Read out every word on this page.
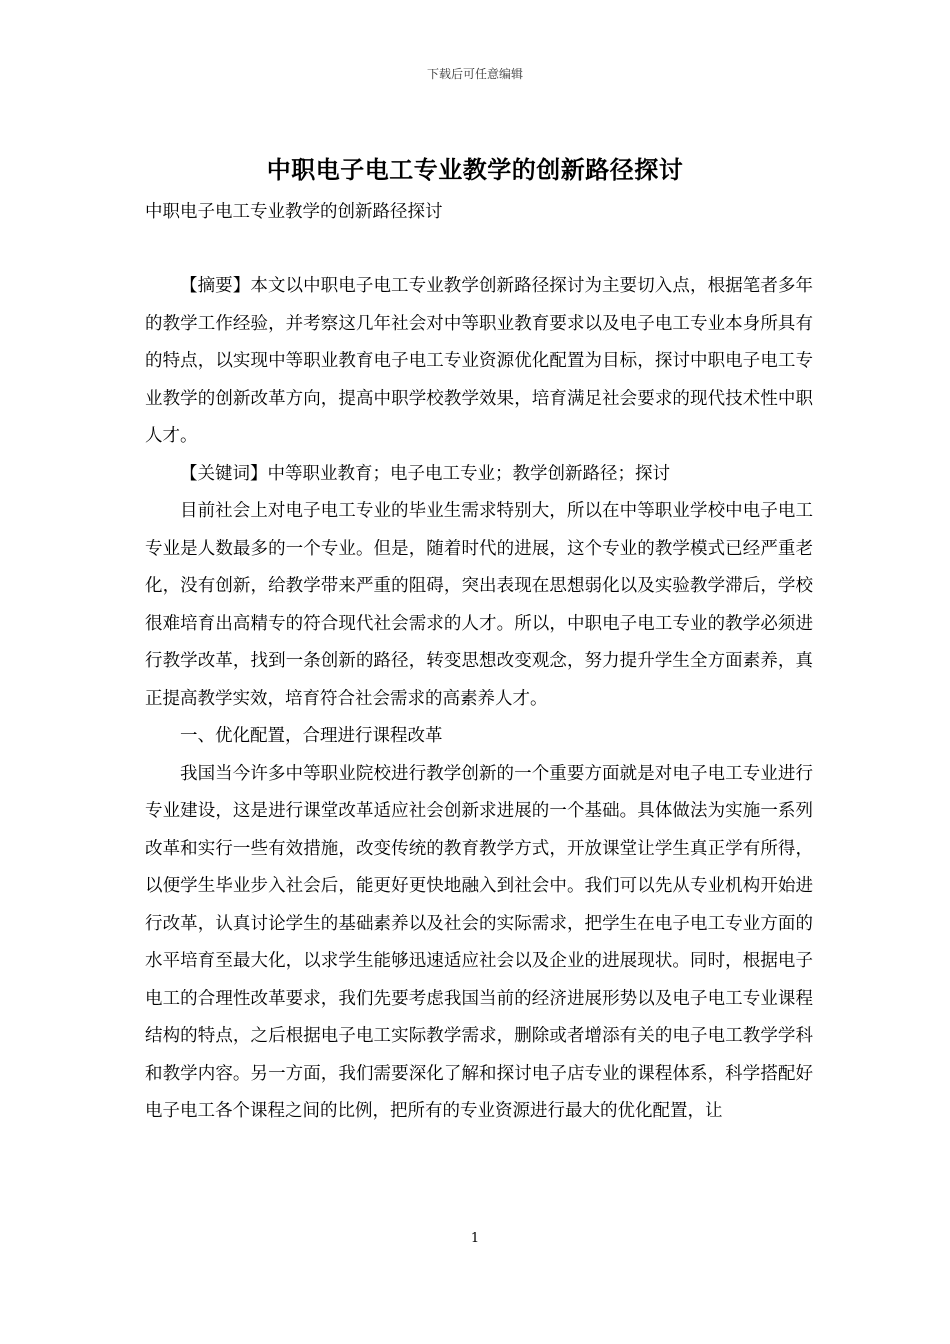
下载后可任意编辑
中职电子电工专业教学的创新路径探讨

中职电子电工专业教学的创新路径探讨

【摘要】本文以中职电子电工专业教学创新路径探讨为主要切入点，根据笔者多年的教学工作经验，并考察这几年社会对中等职业教育要求以及电子电工专业本身所具有的特点，以实现中等职业教育电子电工专业资源优化配置为目标，探讨中职电子电工专业教学的创新改革方向，提高中职学校教学效果，培育满足社会要求的现代技术性中职人才。

【关键词】中等职业教育；电子电工专业；教学创新路径；探讨

目前社会上对电子电工专业的毕业生需求特别大，所以在中等职业学校中电子电工专业是人数最多的一个专业。但是，随着时代的进展，这个专业的教学模式已经严重老化，没有创新，给教学带来严重的阻碍，突出表现在思想弱化以及实验教学滞后，学校很难培育出高精专的符合现代社会需求的人才。所以，中职电子电工专业的教学必须进行教学改革，找到一条创新的路径，转变思想改变观念，努力提升学生全方面素养，真正提高教学实效，培育符合社会需求的高素养人才。

一、优化配置，合理进行课程改革

我国当今许多中等职业院校进行教学创新的一个重要方面就是对电子电工专业进行专业建设，这是进行课堂改革适应社会创新求进展的一个基础。具体做法为实施一系列改革和实行一些有效措施，改变传统的教育教学方式，开放课堂让学生真正学有所得，以便学生毕业步入社会后，能更好更快地融入到社会中。我们可以先从专业机构开始进行改革，认真讨论学生的基础素养以及社会的实际需求，把学生在电子电工专业方面的水平培育至最大化，以求学生能够迅速适应社会以及企业的进展现状。同时，根据电子电工的合理性改革要求，我们先要考虑我国当前的经济进展形势以及电子电工专业课程结构的特点，之后根据电子电工实际教学需求，删除或者增添有关的电子电工教学学科和教学内容。另一方面，我们需要深化了解和探讨电子店专业的课程体系，科学搭配好电子电工各个课程之间的比例，把所有的专业资源进行最大的优化配置，让

1
